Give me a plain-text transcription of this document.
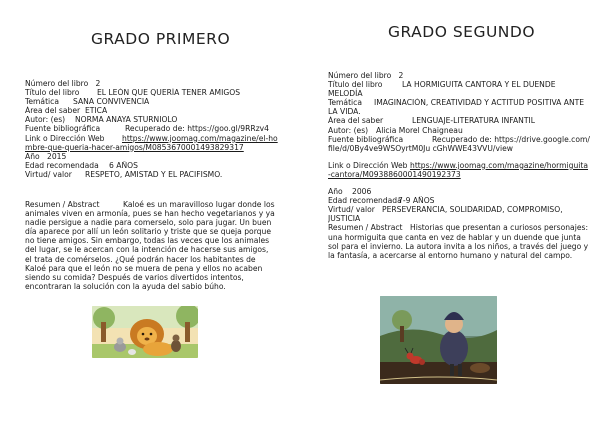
GRADO PRIMERO
Número del libro 2
Título del libro EL LEÓN QUE QUERÍA TENER AMIGOS
Temática SANA CONVIVENCIA
Área del saber ETICA
Autor: (es) NORMA ANAYA STURNIOLO
Fuente bibliográfica	Recuperado de: https://goo.gl/9RRzv4
Link o Dirección Web https://www.joomag.com/magazine/el-hombre-que-queria-hacer-amigos/M0853670001493829317
Año 2015
Edad recomendada 6 AÑOS
Virtud/ valor RESPETO, AMISTAD Y EL PACIFISMO.
Resumen / Abstract	Kaloé es un maravilloso lugar donde los animales viven en armonía, pues se han hecho vegetarianos y ya nadie persigue a nadie para comerselo, solo para jugar. Un buen día aparece por allí un león solitario y triste que se queja porque no tiene amigos. Sin embargo, todas las veces que los animales del lugar, se le acercan con la intención de hacerse sus amigos, el trata de comérselos. ¿Qué podrán hacer los habitantes de Kaloé para que el león no se muera de pena y ellos no acaben siendo su comida? Después de varios divertidos intentos, encontraran la solución con la ayuda del sabio búho.
GRADO SEGUNDO
Número del libro 2
Título del libro	LA HORMIGUITA CANTORA Y EL DUENDE MELODÍA
Temática IMAGINACIÓN, CREATIVIDAD Y ACTITUD POSITIVA ANTE LA VIDA.
Área del saber	LENGUAJE-LITERATURA INFANTIL
Autor: (es) Alicia Morel Chaigneau
Fuente bibliográfica	Recuperado de: https://drive.google.com/file/d/0By4ve9WSOyrtM0Ju cGhWWE43VVU/view
Link o Dirección Web https://www.joomag.com/magazine/hormiguita-cantora/M0938860001490192373
Año 2006
Edad recomendada7-9 AÑOS
Virtud/ valor PERSEVERANCIA, SOLIDARIDAD, COMPROMISO, JUSTICIA
Resumen / Abstract Historias que presentan a curiosos personajes: una hormiguita que canta en vez de hablar y un duende que junta sol para el invierno. La autora invita a los niños, a través del juego y la fantasía, a acercarse al entorno humano y natural del campo.
